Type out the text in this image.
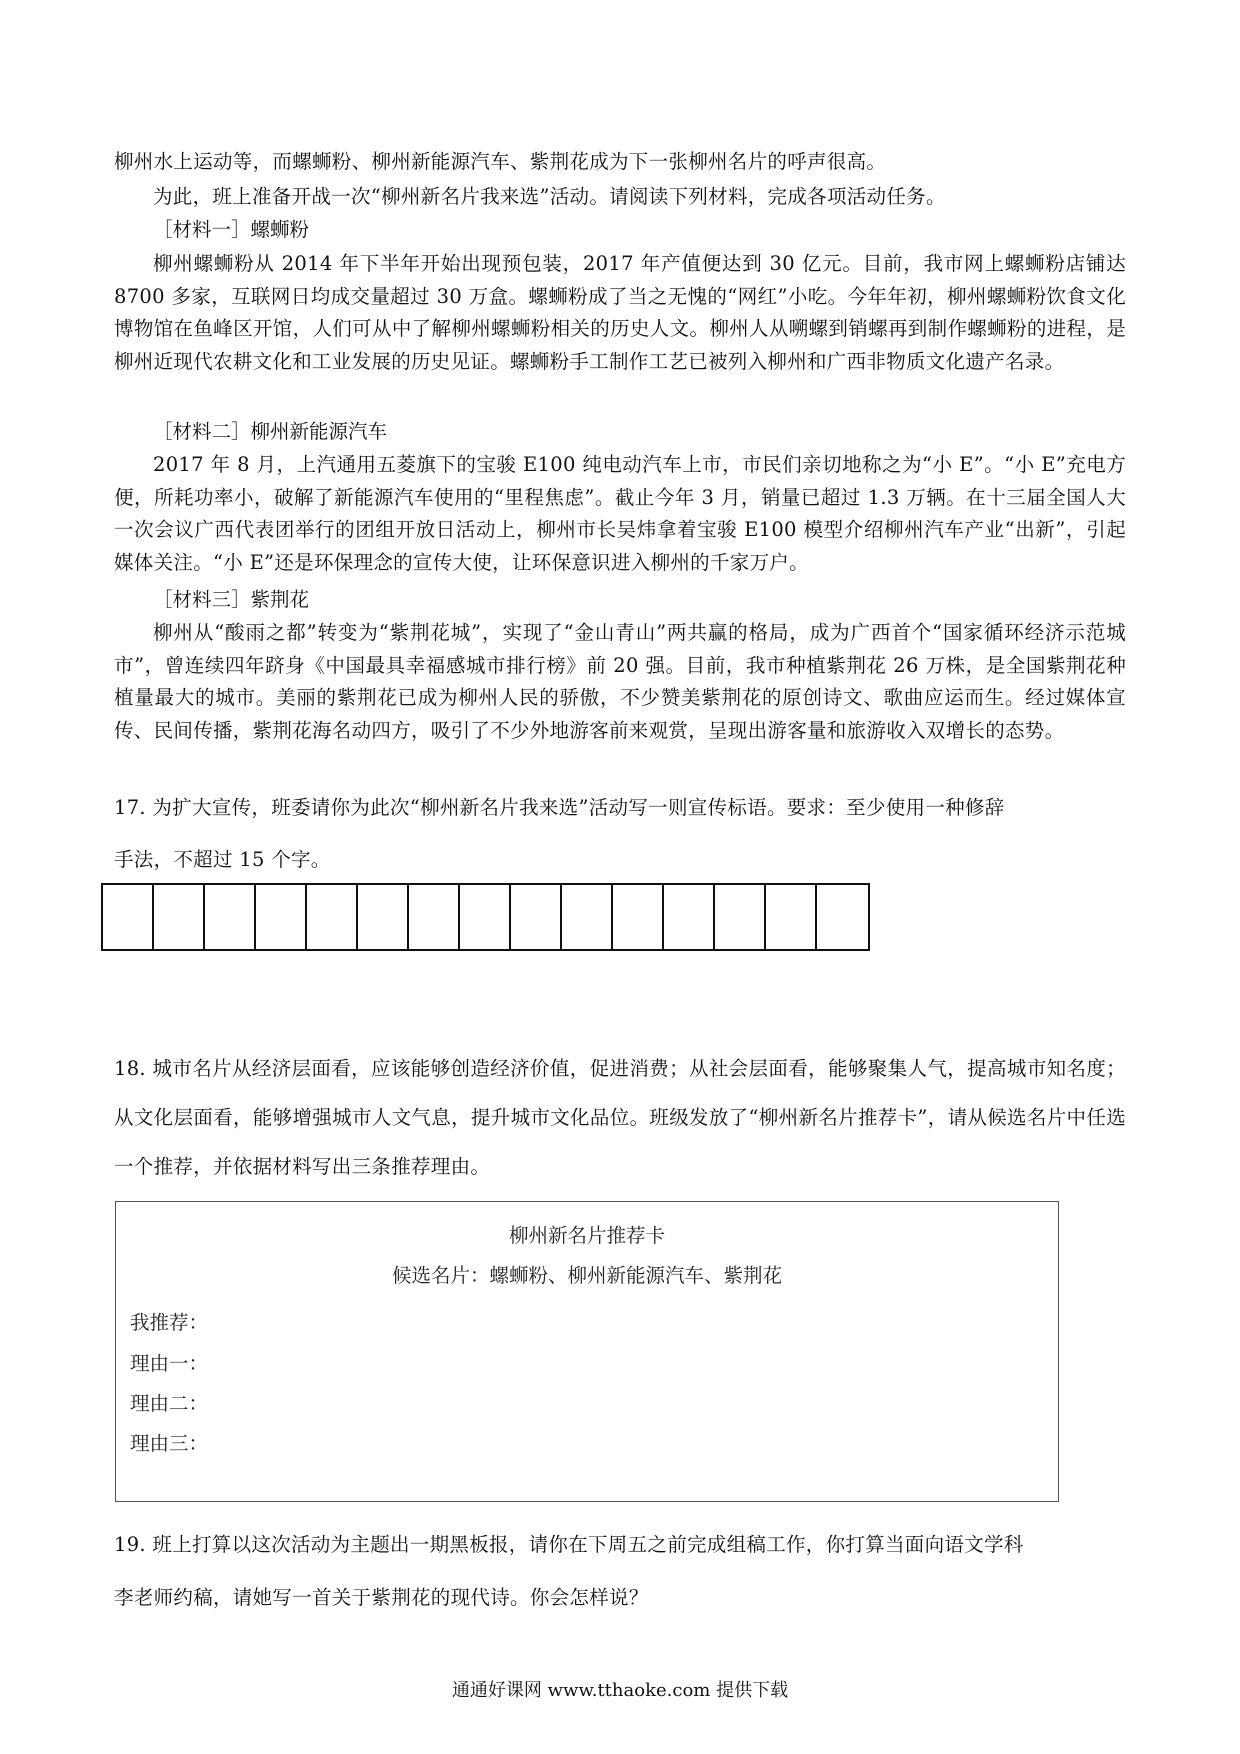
柳州水上运动等，而螺蛳粉、柳州新能源汽车、紫荆花成为下一张柳州名片的呼声很高。

为此，班上准备开战一次“柳州新名片我来选”活动。请阅读下列材料，完成各项活动任务。

［材料一］螺蛳粉

柳州螺蛳粉从 2014 年下半年开始出现预包装，2017 年产值便达到 30 亿元。目前，我市网上螺蛳粉店铺达 8700 多家，互联网日均成交量超过 30 万盒。螺蛳粉成了当之无愧的“网红”小吃。今年年初，柳州螺蛳粉饮食文化博物馆在鱼峰区开馆，人们可从中了解柳州螺蛳粉相关的历史人文。柳州人从嗍螺到销螺再到制作螺蛳粉的进程，是柳州近现代农耕文化和工业发展的历史见证。螺蛳粉手工制作工艺已被列入柳州和广西非物质文化遗产名录。

［材料二］柳州新能源汽车

2017 年 8 月，上汽通用五菱旗下的宝骏 E100 纯电动汽车上市，市民们亲切地称之为“小 E”。“小 E”充电方便，所耗功率小，破解了新能源汽车使用的“里程焦虑”。截止今年 3 月，销量已超过 1.3 万辆。在十三届全国人大一次会议广西代表团举行的团组开放日活动上，柳州市长吴炜拿着宝骏 E100 模型介绍柳州汽车产业“出新”，引起媒体关注。“小 E”还是环保理念的宣传大使，让环保意识进入柳州的千家万户。

［材料三］紫荆花

柳州从“酸雨之都”转变为“紫荆花城”，实现了“金山青山”两共赢的格局，成为广西首个“国家循环经济示范城市”，曾连续四年跻身《中国最具幸福感城市排行榜》前 20 强。目前，我市种植紫荆花 26 万株，是全国紫荆花种植量最大的城市。美丽的紫荆花已成为柳州人民的骄傲，不少赞美紫荆花的原创诗文、歌曲应运而生。经过媒体宣传、民间传播，紫荆花海名动四方，吸引了不少外地游客前来观赏，呈现出游客量和旅游收入双增长的态势。

17. 为扩大宣传，班委请你为此次“柳州新名片我来选”活动写一则宣传标语。要求：至少使用一种修辞

手法，不超过 15 个字。

18. 城市名片从经济层面看，应该能够创造经济价值，促进消费；从社会层面看，能够聚集人气，提高城市知名度；从文化层面看，能够增强城市人文气息，提升城市文化品位。班级发放了“柳州新名片推荐卡”，请从候选名片中任选一个推荐，并依据材料写出三条推荐理由。

柳州新名片推荐卡

候选名片：螺蛳粉、柳州新能源汽车、紫荆花

我推荐：

理由一：

理由二：

理由三：

19. 班上打算以这次活动为主题出一期黑板报，请你在下周五之前完成组稿工作，你打算当面向语文学科

李老师约稿，请她写一首关于紫荆花的现代诗。你会怎样说？

通通好课网 www.tthaoke.com 提供下载
